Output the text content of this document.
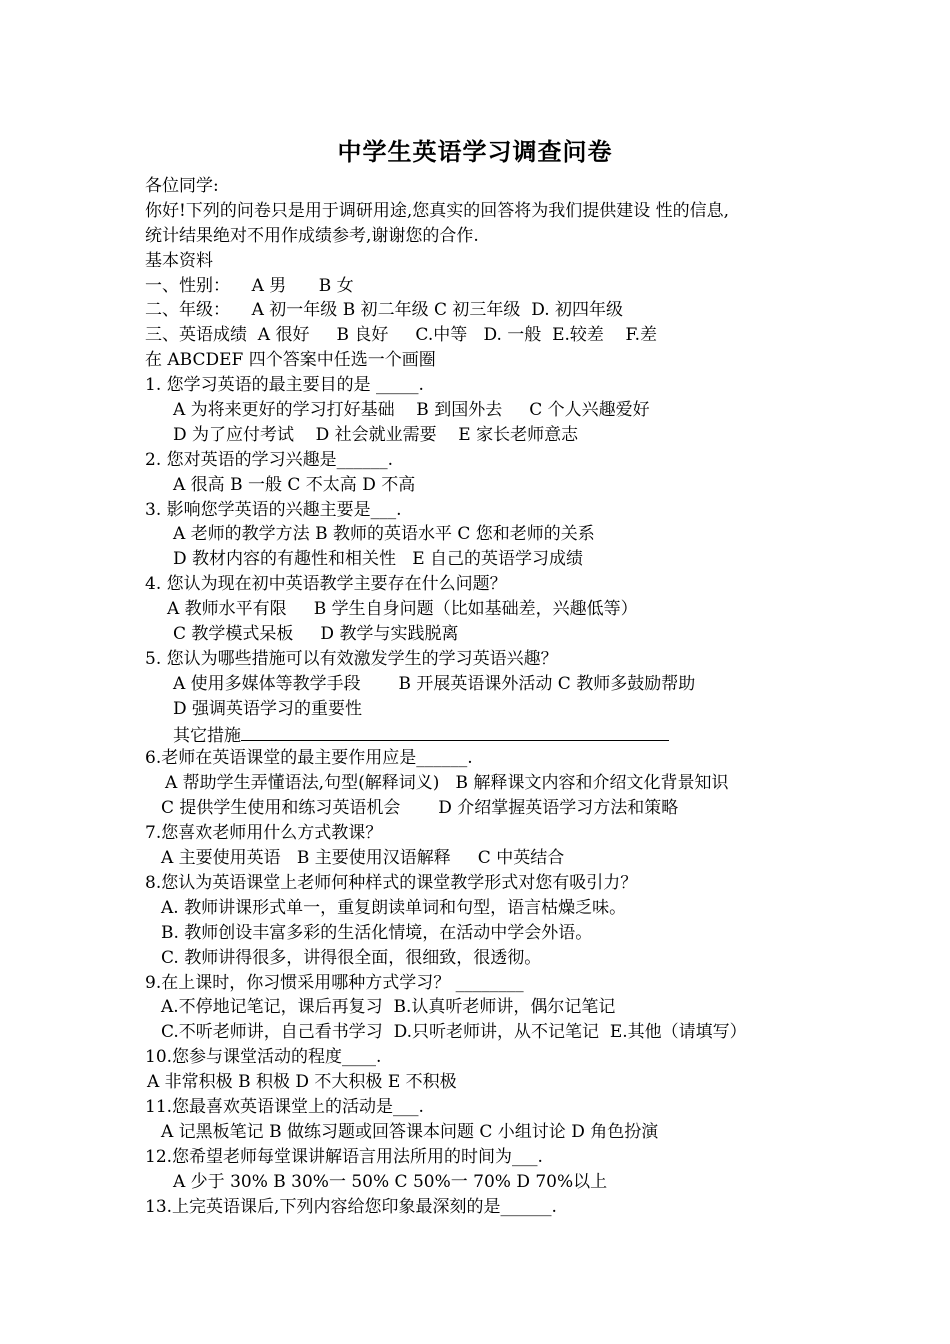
中学生英语学习调查问卷
各位同学:
你好!下列的问卷只是用于调研用途,您真实的回答将为我们提供建设 性的信息,
统计结果绝对不用作成绩参考,谢谢您的合作.
基本资料
一、性别：    A 男      B 女
二、年级：    A 初一年级 B 初二年级 C 初三年级  D. 初四年级
三、英语成绩  A 很好     B 良好     C.中等   D. 一般  E.较差    F.差
在 ABCDEF 四个答案中任选一个画圈
1. 您学习英语的最主要目的是 _____.
A 为将来更好的学习打好基础    B 到国外去     C 个人兴趣爱好
D 为了应付考试    D 社会就业需要    E 家长老师意志
2. 您对英语的学习兴趣是______.
A 很高 B 一般 C 不太高 D 不高
3. 影响您学英语的兴趣主要是___.
A 老师的教学方法 B 教师的英语水平 C 您和老师的关系
D 教材内容的有趣性和相关性   E 自己的英语学习成绩
4. 您认为现在初中英语教学主要存在什么问题？
A 教师水平有限     B 学生自身问题（比如基础差，兴趣低等）
C 教学模式呆板     D 教学与实践脱离
5. 您认为哪些措施可以有效激发学生的学习英语兴趣？
A 使用多媒体等教学手段       B 开展英语课外活动 C 教师多鼓励帮助
D 强调英语学习的重要性
其它措施
6.老师在英语课堂的最主要作用应是______.
A 帮助学生弄懂语法,句型(解释词义)   B 解释课文内容和介绍文化背景知识
C 提供学生使用和练习英语机会       D 介绍掌握英语学习方法和策略
7.您喜欢老师用什么方式教课？
A 主要使用英语   B 主要使用汉语解释     C 中英结合
8.您认为英语课堂上老师何种样式的课堂教学形式对您有吸引力？
A. 教师讲课形式单一，重复朗读单词和句型，语言枯燥乏味。
B. 教师创设丰富多彩的生活化情境，在活动中学会外语。
C. 教师讲得很多，讲得很全面，很细致，很透彻。
9.在上课时，你习惯采用哪种方式学习？ ________
A.不停地记笔记，课后再复习  B.认真听老师讲，偶尔记笔记
C.不听老师讲，自己看书学习  D.只听老师讲，从不记笔记  E.其他（请填写）
10.您参与课堂活动的程度____.
A 非常积极 B 积极 D 不大积极 E 不积极
11.您最喜欢英语课堂上的活动是___.
A 记黑板笔记 B 做练习题或回答课本问题 C 小组讨论 D 角色扮演
12.您希望老师每堂课讲解语言用法所用的时间为___.
A 少于 30% B 30%一 50% C 50%一 70% D 70%以上
13.上完英语课后,下列内容给您印象最深刻的是______.
